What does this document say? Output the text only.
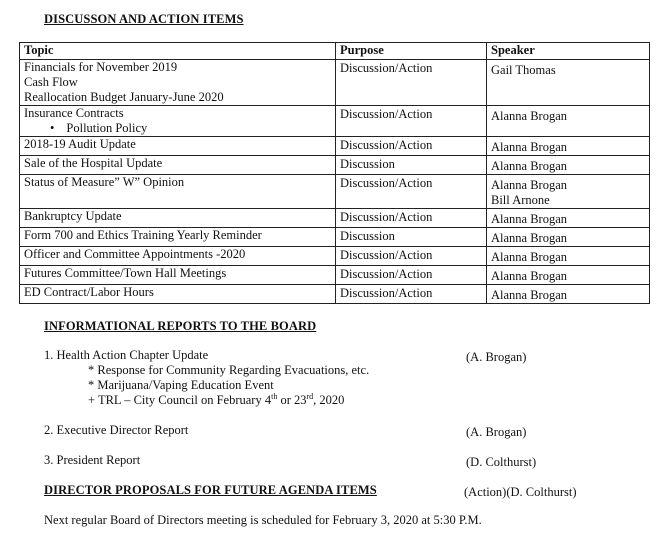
DISCUSSON AND ACTION ITEMS
Topic	Purpose	Speaker

Financials for November 2019
Cash Flow
Reallocation Budget January-June 2020	Discussion/Action	Gail Thomas

Insurance Contracts
• Pollution Policy	Discussion/Action	Alanna Brogan

2018-19 Audit Update	Discussion/Action	Alanna Brogan

Sale of the Hospital Update	Discussion	Alanna Brogan

Status of Measure” W” Opinion	Discussion/Action	Alanna Brogan
Bill Arnone

Bankruptcy Update	Discussion/Action	Alanna Brogan

Form 700 and Ethics Training Yearly Reminder	Discussion	Alanna Brogan

Officer and Committee Appointments -2020	Discussion/Action	Alanna Brogan

Futures Committee/Town Hall Meetings	Discussion/Action	Alanna Brogan

ED Contract/Labor Hours	Discussion/Action	Alanna Brogan
INFORMATIONAL REPORTS TO THE BOARD
1. Health Action Chapter Update	(A. Brogan)
* Response for Community Regarding Evacuations, etc.
* Marijuana/Vaping Education Event
+ TRL – City Council on February 4th or 23rd, 2020
2. Executive Director Report	(A. Brogan)
3. President Report	(D. Colthurst)
DIRECTOR PROPOSALS FOR FUTURE AGENDA ITEMS	(Action)(D. Colthurst)
Next regular Board of Directors meeting is scheduled for February 3, 2020 at 5:30 P.M.
